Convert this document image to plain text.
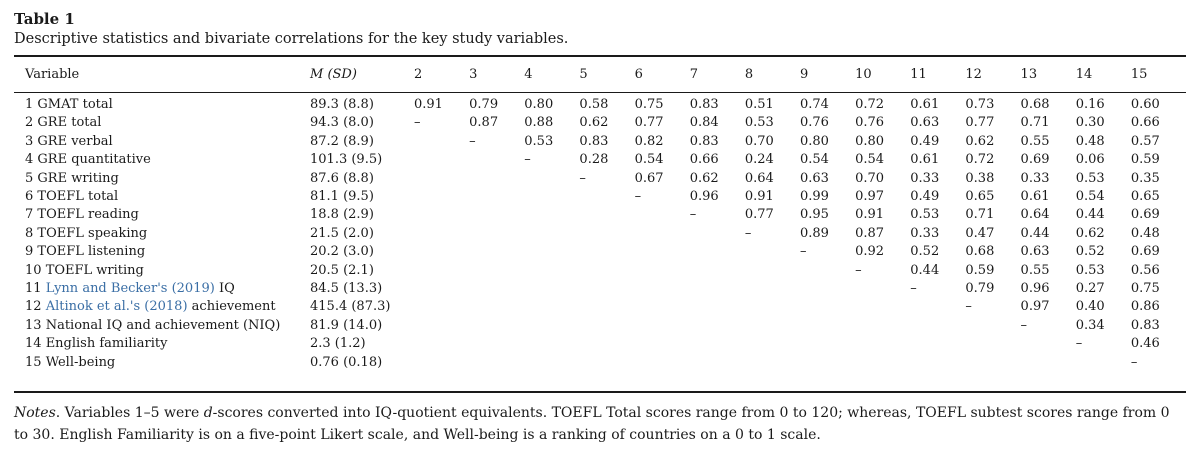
Table 1
Descriptive statistics and bivariate correlations for the key study variables.
Variable	M (SD)	2	3	4	5	6	7	8	9	10	11	12	13	14	15
1 GMAT total	89.3 (8.8)	0.91	0.79	0.80	0.58	0.75	0.83	0.51	0.74	0.72	0.61	0.73	0.68	0.16	0.60
2 GRE total	94.3 (8.0)	–	0.87	0.88	0.62	0.77	0.84	0.53	0.76	0.76	0.63	0.77	0.71	0.30	0.66
3 GRE verbal	87.2 (8.9)		–	0.53	0.83	0.82	0.83	0.70	0.80	0.80	0.49	0.62	0.55	0.48	0.57
4 GRE quantitative	101.3 (9.5)			–	0.28	0.54	0.66	0.24	0.54	0.54	0.61	0.72	0.69	0.06	0.59
5 GRE writing	87.6 (8.8)				–	0.67	0.62	0.64	0.63	0.70	0.33	0.38	0.33	0.53	0.35
6 TOEFL total	81.1 (9.5)					–	0.96	0.91	0.99	0.97	0.49	0.65	0.61	0.54	0.65
7 TOEFL reading	18.8 (2.9)						–	0.77	0.95	0.91	0.53	0.71	0.64	0.44	0.69
8 TOEFL speaking	21.5 (2.0)							–	0.89	0.87	0.33	0.47	0.44	0.62	0.48
9 TOEFL listening	20.2 (3.0)								–	0.92	0.52	0.68	0.63	0.52	0.69
10 TOEFL writing	20.5 (2.1)									–	0.44	0.59	0.55	0.53	0.56
11 Lynn and Becker's (2019) IQ	84.5 (13.3)										–	0.79	0.96	0.27	0.75
12 Altinok et al.'s (2018) achievement	415.4 (87.3)											–	0.97	0.40	0.86
13 National IQ and achievement (NIQ)	81.9 (14.0)												–	0.34	0.83
14 English familiarity	2.3 (1.2)													–	0.46
15 Well-being	0.76 (0.18)														–
Notes. Variables 1–5 were d-scores converted into IQ-quotient equivalents. TOEFL Total scores range from 0 to 120; whereas, TOEFL subtest scores range from 0 to 30. English Familiarity is on a five-point Likert scale, and Well-being is a ranking of countries on a 0 to 1 scale.
